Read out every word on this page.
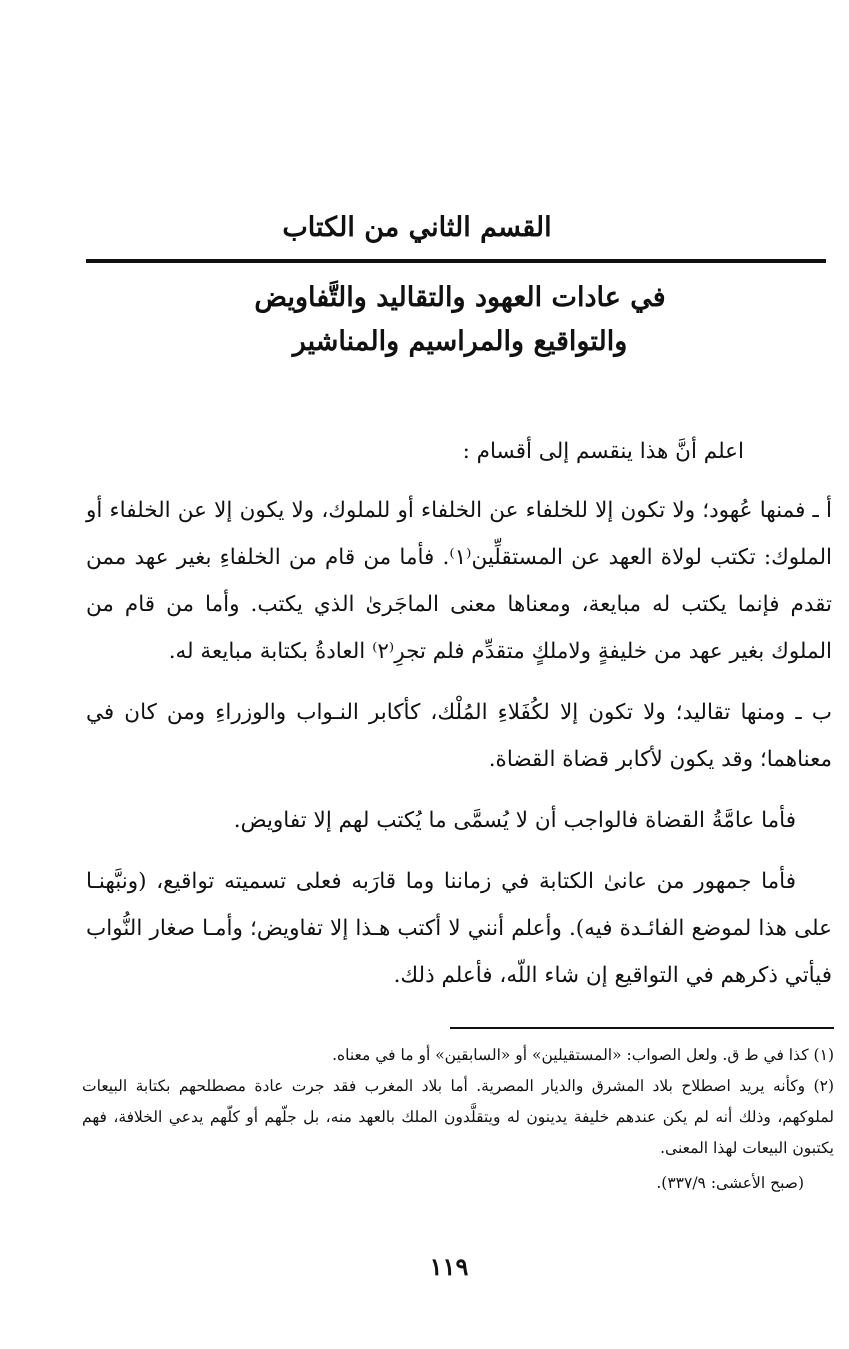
القسم الثاني من الكتاب
في عادات العهود والتقاليد والتَّفاويض
والتواقيع والمراسيم والمناشير

اعلم أنَّ هذا ينقسم إلى أقسام :

أ ـ فمنها عُهود؛ ولا تكون إلا للخلفاء عن الخلفاء أو للملوك، ولا يكون إلا عن الخلفاء أو الملوك: تكتب لولاة العهد عن المستقلِّين⁽١⁾. فأما من قام من الخلفاءِ بغير عهد ممن تقدم فإنما يكتب له مبايعة، ومعناها معنى الماجَرىٰ الذي يكتب. وأما من قام من الملوك بغير عهد من خليفةٍ ولاملكٍ متقدِّم فلم تجرِ⁽٢⁾ العادةُ بكتابة مبايعة له.

ب ـ ومنها تقاليد؛ ولا تكون إلا لكُفَلاءِ المُلْك، كأكابر النـواب والوزراءِ ومن كان في معناهما؛ وقد يكون لأكابر قضاة القضاة.

فأما عامَّةُ القضاة فالواجب أن لا يُسمَّى ما يُكتب لهم إلا تفاويض.

فأما جمهور من عانىٰ الكتابة في زماننا وما قارَبه فعلى تسميته تواقيع، (ونبَّهنـا على هذا لموضع الفائـدة فيه). وأعلم أنني لا أكتب هـذا إلا تفاويض؛ وأمـا صغار النُّواب فيأتي ذكرهم في التواقيع إن شاء اللّه، فأعلم ذلك.

(١) كذا في ط ق. ولعل الصواب: «المستقيلين» أو «السابقين» أو ما في معناه.

(٢) وكأنه يريد اصطلاح بلاد المشرق والديار المصرية. أما بلاد المغرب فقد جرت عادة مصطلحهم بكتابة البيعات لملوكهم، وذلك أنه لم يكن عندهم خليفة يدينون له ويتقلَّدون الملك بالعهد منه، بل جلّهم أو كلّهم يدعي الخلافة، فهم يكتبون البيعات لهذا المعنى.

(صبح الأعشى: ٣٣٧/٩).

١١٩
